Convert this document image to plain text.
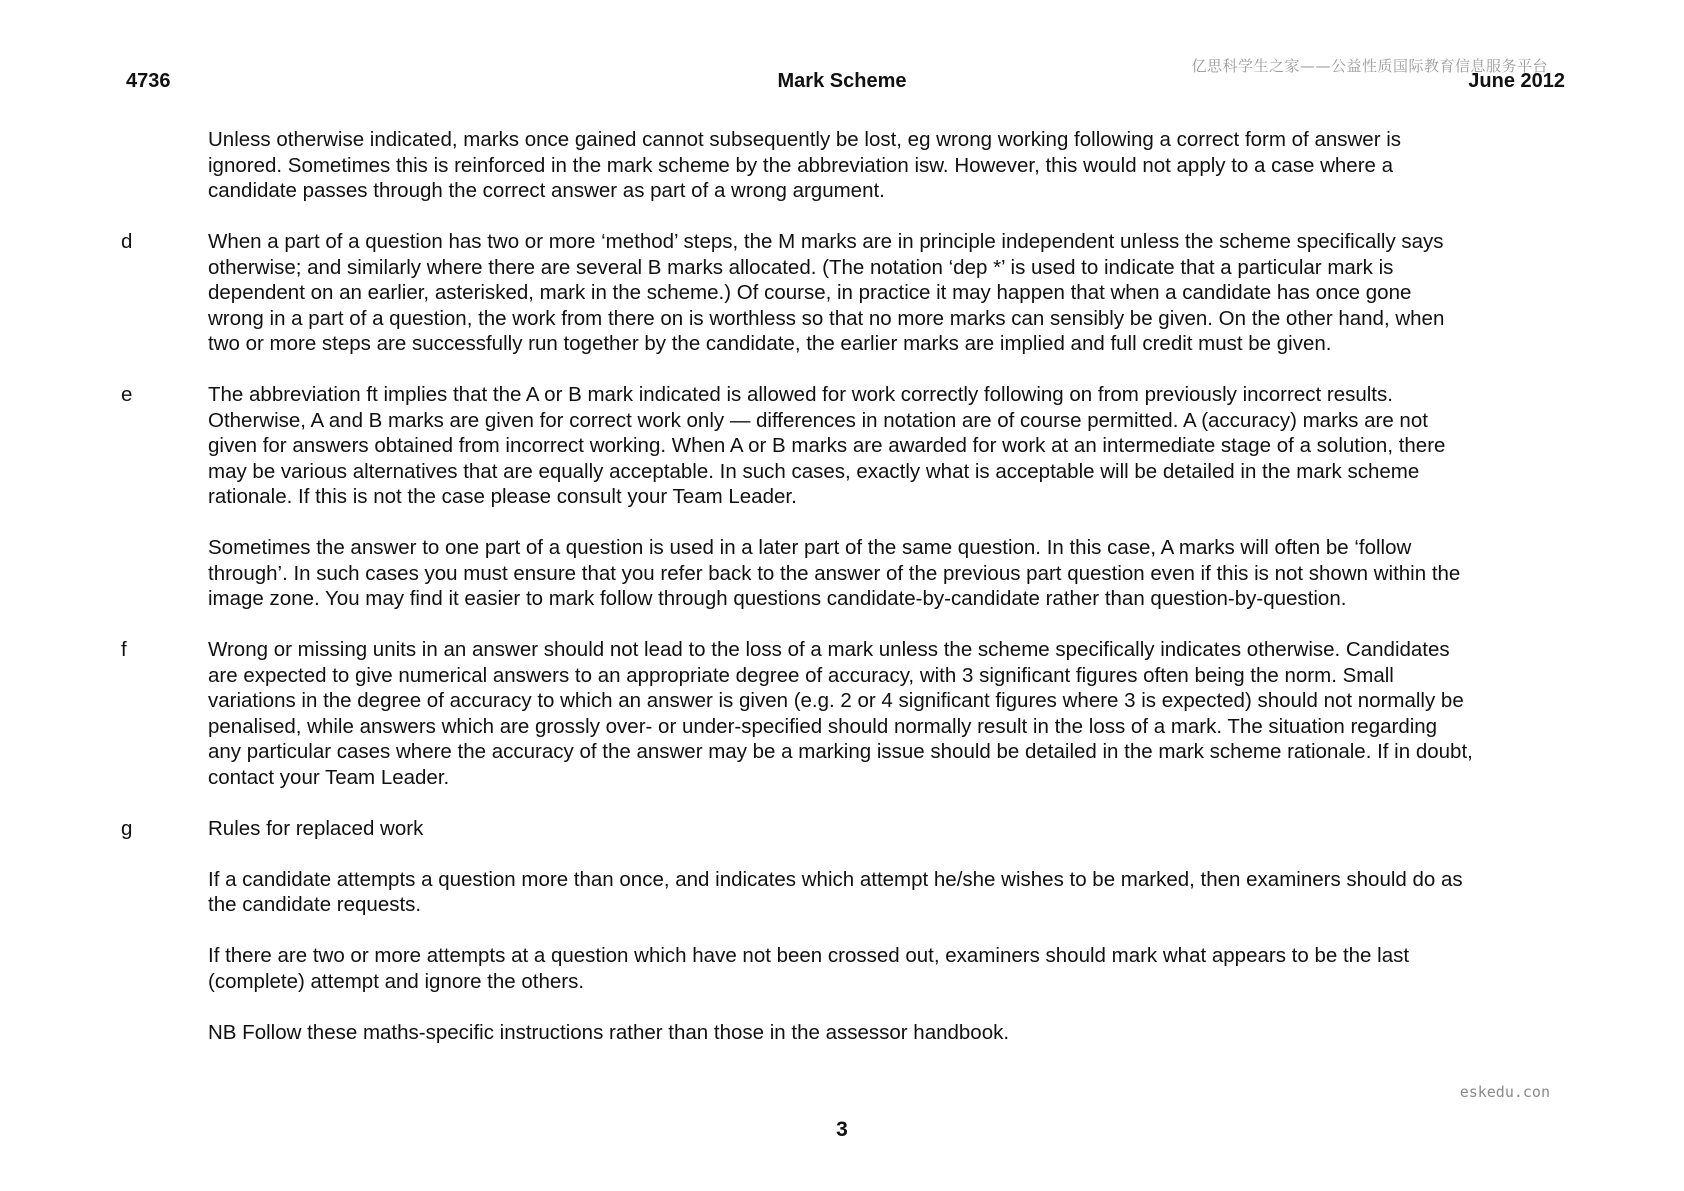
亿思科学生之家——公益性质国际教育信息服务平台
4736	Mark Scheme	June 2012
Unless otherwise indicated, marks once gained cannot subsequently be lost, eg wrong working following a correct form of answer is
ignored. Sometimes this is reinforced in the mark scheme by the abbreviation isw. However, this would not apply to a case where a
candidate passes through the correct answer as part of a wrong argument.
d	When a part of a question has two or more ‘method’ steps, the M marks are in principle independent unless the scheme specifically says
otherwise; and similarly where there are several B marks allocated. (The notation ‘dep *’ is used to indicate that a particular mark is
dependent on an earlier, asterisked, mark in the scheme.) Of course, in practice it may happen that when a candidate has once gone
wrong in a part of a question, the work from there on is worthless so that no more marks can sensibly be given. On the other hand, when
two or more steps are successfully run together by the candidate, the earlier marks are implied and full credit must be given.
e	The abbreviation ft implies that the A or B mark indicated is allowed for work correctly following on from previously incorrect results.
Otherwise, A and B marks are given for correct work only — differences in notation are of course permitted. A (accuracy) marks are not
given for answers obtained from incorrect working. When A or B marks are awarded for work at an intermediate stage of a solution, there
may be various alternatives that are equally acceptable. In such cases, exactly what is acceptable will be detailed in the mark scheme
rationale. If this is not the case please consult your Team Leader.
Sometimes the answer to one part of a question is used in a later part of the same question. In this case, A marks will often be ‘follow
through’. In such cases you must ensure that you refer back to the answer of the previous part question even if this is not shown within the
image zone. You may find it easier to mark follow through questions candidate-by-candidate rather than question-by-question.
f	Wrong or missing units in an answer should not lead to the loss of a mark unless the scheme specifically indicates otherwise. Candidates
are expected to give numerical answers to an appropriate degree of accuracy, with 3 significant figures often being the norm. Small
variations in the degree of accuracy to which an answer is given (e.g. 2 or 4 significant figures where 3 is expected) should not normally be
penalised, while answers which are grossly over- or under-specified should normally result in the loss of a mark. The situation regarding
any particular cases where the accuracy of the answer may be a marking issue should be detailed in the mark scheme rationale. If in doubt,
contact your Team Leader.
g	Rules for replaced work
If a candidate attempts a question more than once, and indicates which attempt he/she wishes to be marked, then examiners should do as
the candidate requests.
If there are two or more attempts at a question which have not been crossed out, examiners should mark what appears to be the last
(complete) attempt and ignore the others.
NB Follow these maths-specific instructions rather than those in the assessor handbook.
eskedu.con
3
